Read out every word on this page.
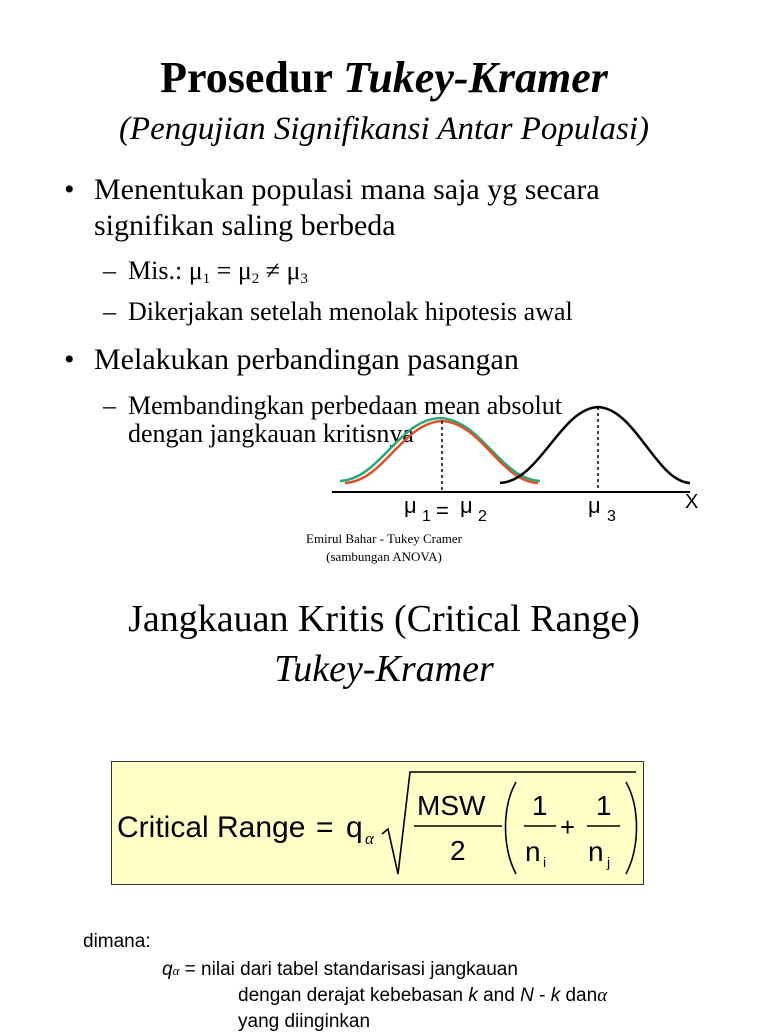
Prosedur Tukey-Kramer
(Pengujian Signifikansi Antar Populasi)
• Menentukan populasi mana saja yg secara
signifikan saling berbeda
– Mis.: $\mu_1 = \mu_2 \ne \mu_3$
– Dikerjakan setelah menolak hipotesis awal
• Melakukan perbandingan pasangan
– Membandingkan perbedaan mean absolut
dengan jangkauan kritisnya
μ 1 = μ 2	μ 3
X
Emirul Bahar - Tukey Cramer
(sambungan ANOVA)
Jangkauan Kritis (Critical Range)
Tukey-Kramer
Critical Range = q α
MSW
2
1
n i
+
1
n j
dimana:
qα = nilai dari tabel standarisasi jangkauan
dengan derajat kebebasan k and N - k danα
yang diinginkan
